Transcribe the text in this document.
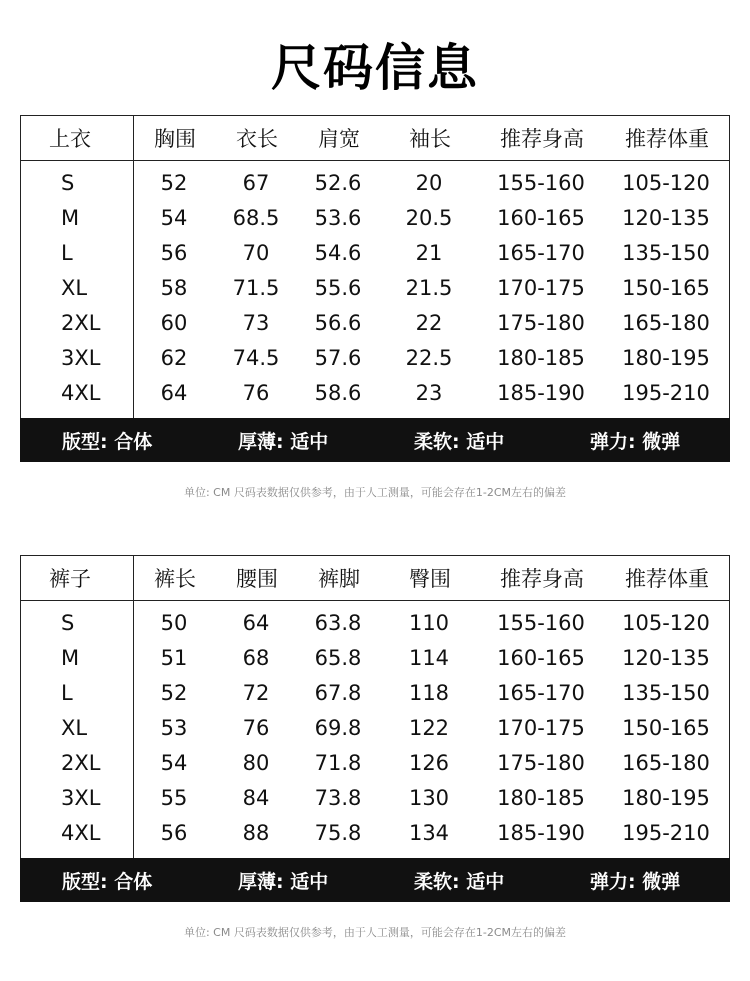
尺码信息
上衣	胸围	衣长	肩宽	袖长	推荐身高	推荐体重
S	52	67	52.6	20	155-160	105-120
M	54	68.5	53.6	20.5	160-165	120-135
L	56	70	54.6	21	165-170	135-150
XL	58	71.5	55.6	21.5	170-175	150-165
2XL	60	73	56.6	22	175-180	165-180
3XL	62	74.5	57.6	22.5	180-185	180-195
4XL	64	76	58.6	23	185-190	195-210
版型: 合体	厚薄: 适中	柔软: 适中	弹力: 微弹
单位: CM 尺码表数据仅供参考，由于人工测量，可能会存在1-2CM左右的偏差
裤子	裤长	腰围	裤脚	臀围	推荐身高	推荐体重
S	50	64	63.8	110	155-160	105-120
M	51	68	65.8	114	160-165	120-135
L	52	72	67.8	118	165-170	135-150
XL	53	76	69.8	122	170-175	150-165
2XL	54	80	71.8	126	175-180	165-180
3XL	55	84	73.8	130	180-185	180-195
4XL	56	88	75.8	134	185-190	195-210
版型: 合体	厚薄: 适中	柔软: 适中	弹力: 微弹
单位: CM 尺码表数据仅供参考，由于人工测量，可能会存在1-2CM左右的偏差
